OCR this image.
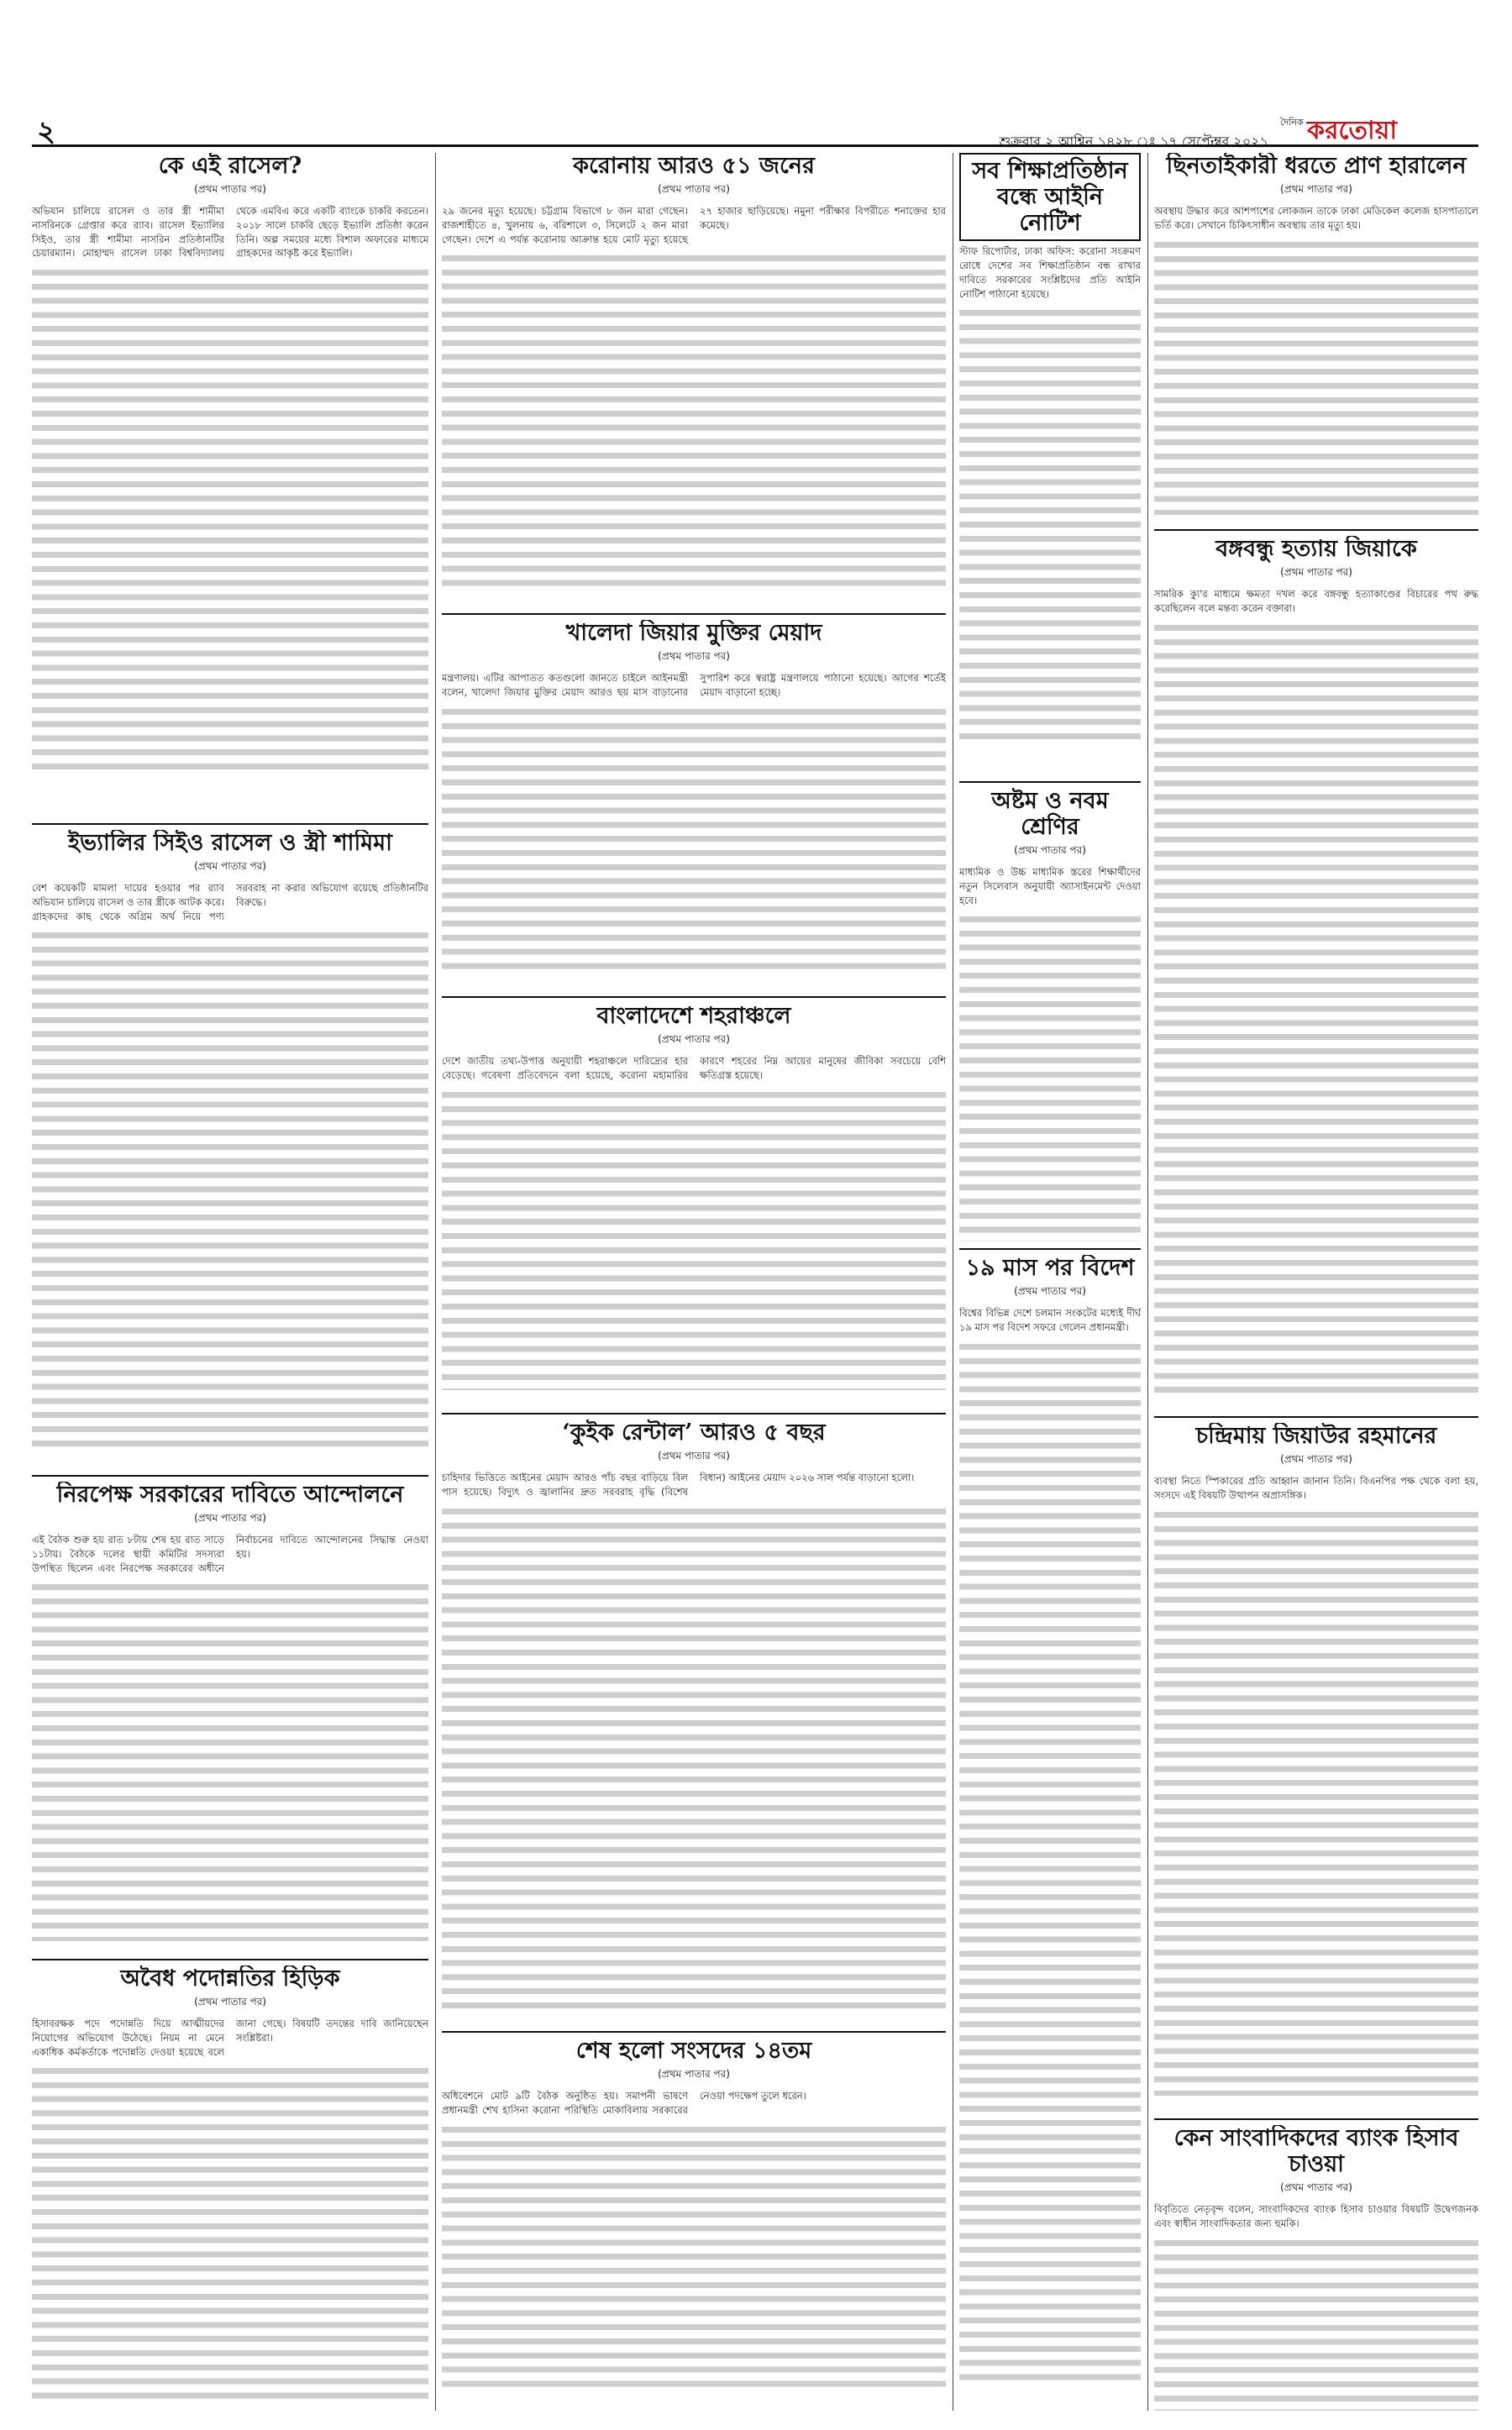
২	শুক্রবার ২ আশ্বিন ১৪২৮ ঃ ১৭ সেপ্টেম্বর ২০২১
দৈনিক করতোয়া
কে এই রাসেল?
(প্রথম পাতার পর)
অভিযান চালিয়ে রাসেল ও তার স্ত্রী শামীমা নাসরিনকে গ্রেপ্তার করে র‍্যাব। রাসেল ইভ্যালির সিইও, তার স্ত্রী শামীমা নাসরিন প্রতিষ্ঠানটির চেয়ারম্যান। মোহাম্মদ রাসেল ঢাকা বিশ্ববিদ্যালয় থেকে এমবিএ করে একটি ব্যাংকে চাকরি করতেন। ২০১৮ সালে চাকরি ছেড়ে ইভ্যালি প্রতিষ্ঠা করেন তিনি। অল্প সময়ের মধ্যে বিশাল অফারের মাধ্যমে গ্রাহকদের আকৃষ্ট করে ইভ্যালি।
ইভ্যালির সিইও রাসেল ও স্ত্রী শামিমা
(প্রথম পাতার পর)
বেশ কয়েকটি মামলা দায়ের হওয়ার পর র‍্যাব অভিযান চালিয়ে রাসেল ও তার স্ত্রীকে আটক করে। গ্রাহকদের কাছ থেকে অগ্রিম অর্থ নিয়ে পণ্য সরবরাহ না করার অভিযোগ রয়েছে প্রতিষ্ঠানটির বিরুদ্ধে।
নিরপেক্ষ সরকারের দাবিতে আন্দোলনে
(প্রথম পাতার পর)
এই বৈঠক শুরু হয় রাত ৮টায় শেষ হয় রাত সাড়ে ১১টায়। বৈঠকে দলের স্থায়ী কমিটির সদস্যরা উপস্থিত ছিলেন এবং নিরপেক্ষ সরকারের অধীনে নির্বাচনের দাবিতে আন্দোলনের সিদ্ধান্ত নেওয়া হয়।
অবৈধ পদোন্নতির হিড়িক
(প্রথম পাতার পর)
হিসাবরক্ষক পদে পদোন্নতি দিয়ে আত্মীয়দের নিয়োগের অভিযোগ উঠেছে। নিয়ম না মেনে একাধিক কর্মকর্তাকে পদোন্নতি দেওয়া হয়েছে বলে জানা গেছে। বিষয়টি তদন্তের দাবি জানিয়েছেন সংশ্লিষ্টরা।
করোনায় আরও ৫১ জনের
(প্রথম পাতার পর)
২৯ জনের মৃত্যু হয়েছে। চট্টগ্রাম বিভাগে ৮ জন মারা গেছেন। রাজশাহীতে ৪, খুলনায় ৬, বরিশালে ৩, সিলেটে ২ জন মারা গেছেন। দেশে এ পর্যন্ত করোনায় আক্রান্ত হয়ে মোট মৃত্যু হয়েছে ২৭ হাজার ছাড়িয়েছে। নমুনা পরীক্ষার বিপরীতে শনাক্তের হার কমেছে।
খালেদা জিয়ার মুক্তির মেয়াদ
(প্রথম পাতার পর)
মন্ত্রণালয়। এটির আপাতত কতগুলো জানতে চাইলে আইনমন্ত্রী বলেন, খালেদা জিয়ার মুক্তির মেয়াদ আরও ছয় মাস বাড়ানোর সুপারিশ করে স্বরাষ্ট্র মন্ত্রণালয়ে পাঠানো হয়েছে। আগের শর্তেই মেয়াদ বাড়ানো হচ্ছে।
বাংলাদেশে শহরাঞ্চলে
(প্রথম পাতার পর)
দেশে জাতীয় তথ্য-উপাত্ত অনুযায়ী শহরাঞ্চলে দারিদ্র্যের হার বেড়েছে। গবেষণা প্রতিবেদনে বলা হয়েছে, করোনা মহামারির কারণে শহরের নিম্ন আয়ের মানুষের জীবিকা সবচেয়ে বেশি ক্ষতিগ্রস্ত হয়েছে।
‘কুইক রেন্টাল’ আরও ৫ বছর
(প্রথম পাতার পর)
চাহিদার ভিত্তিতে আইনের মেয়াদ আরও পাঁচ বছর বাড়িয়ে বিল পাস হয়েছে। বিদ্যুৎ ও জ্বালানির দ্রুত সরবরাহ বৃদ্ধি (বিশেষ বিধান) আইনের মেয়াদ ২০২৬ সাল পর্যন্ত বাড়ানো হলো।
শেষ হলো সংসদের ১৪তম
(প্রথম পাতার পর)
অধিবেশনে মোট ৯টি বৈঠক অনুষ্ঠিত হয়। সমাপনী ভাষণে প্রধানমন্ত্রী শেখ হাসিনা করোনা পরিস্থিতি মোকাবিলায় সরকারের নেওয়া পদক্ষেপ তুলে ধরেন।
সব শিক্ষাপ্রতিষ্ঠান বন্ধে আইনি নোটিশ
স্টাফ রিপোর্টার, ঢাকা অফিস: করোনা সংক্রমণ রোধে দেশের সব শিক্ষাপ্রতিষ্ঠান বন্ধ রাখার দাবিতে সরকারের সংশ্লিষ্টদের প্রতি আইনি নোটিশ পাঠানো হয়েছে।
অষ্টম ও নবম শ্রেণির
(প্রথম পাতার পর)
মাধ্যমিক ও উচ্চ মাধ্যমিক স্তরের শিক্ষার্থীদের নতুন সিলেবাস অনুযায়ী অ্যাসাইনমেন্ট দেওয়া হবে।
১৯ মাস পর বিদেশ
(প্রথম পাতার পর)
বিশ্বের বিভিন্ন দেশে চলমান সংকটের মধ্যেই দীর্ঘ ১৯ মাস পর বিদেশ সফরে গেলেন প্রধানমন্ত্রী।
ছিনতাইকারী ধরতে প্রাণ হারালেন
(প্রথম পাতার পর)
অবস্থায় উদ্ধার করে আশপাশের লোকজন তাকে ঢাকা মেডিকেল কলেজ হাসপাতালে ভর্তি করে। সেখানে চিকিৎসাধীন অবস্থায় তার মৃত্যু হয়।
বঙ্গবন্ধু হত্যায় জিয়াকে
(প্রথম পাতার পর)
সামরিক ক্যু'র মাধ্যমে ক্ষমতা দখল করে বঙ্গবন্ধু হত্যাকাণ্ডের বিচারের পথ রুদ্ধ করেছিলেন বলে মন্তব্য করেন বক্তারা।
চন্দ্রিমায় জিয়াউর রহমানের
(প্রথম পাতার পর)
ব্যবস্থা নিতে স্পিকারের প্রতি আহ্বান জানান তিনি। বিএনপির পক্ষ থেকে বলা হয়, সংসদে এই বিষয়টি উত্থাপন অপ্রাসঙ্গিক।
কেন সাংবাদিকদের ব্যাংক হিসাব চাওয়া
(প্রথম পাতার পর)
বিবৃতিতে নেতৃবৃন্দ বলেন, সাংবাদিকদের ব্যাংক হিসাব চাওয়ার বিষয়টি উদ্বেগজনক এবং স্বাধীন সাংবাদিকতার জন্য হুমকি।
